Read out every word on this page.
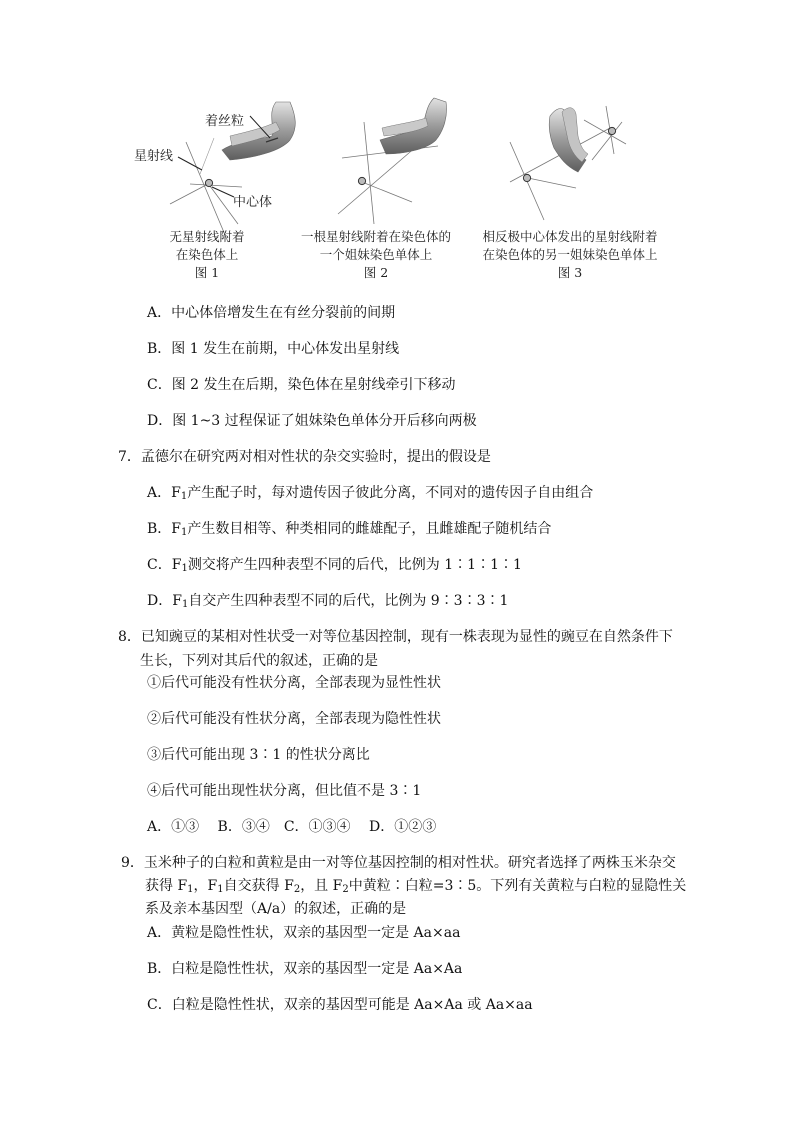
着丝粒
星射线
中心体
无星射线附着
在染色体上
图 1
一根星射线附着在染色体的
一个姐妹染色单体上
图 2
相反极中心体发出的星射线附着
在染色体的另一姐妹染色单体上
图 3
A．中心体倍增发生在有丝分裂前的间期
B．图 1 发生在前期，中心体发出星射线
C．图 2 发生在后期，染色体在星射线牵引下移动
D．图 1~3 过程保证了姐妹染色单体分开后移向两极
7．孟德尔在研究两对相对性状的杂交实验时，提出的假设是
A．$F_1$产生配子时，每对遗传因子彼此分离，不同对的遗传因子自由组合
B．$F_1$产生数目相等、种类相同的雌雄配子，且雌雄配子随机结合
C．$F_1$测交将产生四种表型不同的后代，比例为 1∶1∶1∶1
D．$F_1$自交产生四种表型不同的后代，比例为 9∶3∶3∶1
8．已知豌豆的某相对性状受一对等位基因控制，现有一株表现为显性的豌豆在自然条件下
生长，下列对其后代的叙述，正确的是
①后代可能没有性状分离，全部表现为显性性状
②后代可能没有性状分离，全部表现为隐性性状
③后代可能出现 3∶1 的性状分离比
④后代可能出现性状分离，但比值不是 3∶1
A．①③　 B．③④　C．①③④　 D．①②③
9．玉米种子的白粒和黄粒是由一对等位基因控制的相对性状。研究者选择了两株玉米杂交
获得 $F_1$，$F_1$自交获得 $F_2$，且 $F_2$中黄粒∶白粒=3∶5。下列有关黄粒与白粒的显隐性关
系及亲本基因型（A/a）的叙述，正确的是
A．黄粒是隐性性状，双亲的基因型一定是 Aa×aa
B．白粒是隐性性状，双亲的基因型一定是 Aa×Aa
C．白粒是隐性性状，双亲的基因型可能是 Aa×Aa 或 Aa×aa
